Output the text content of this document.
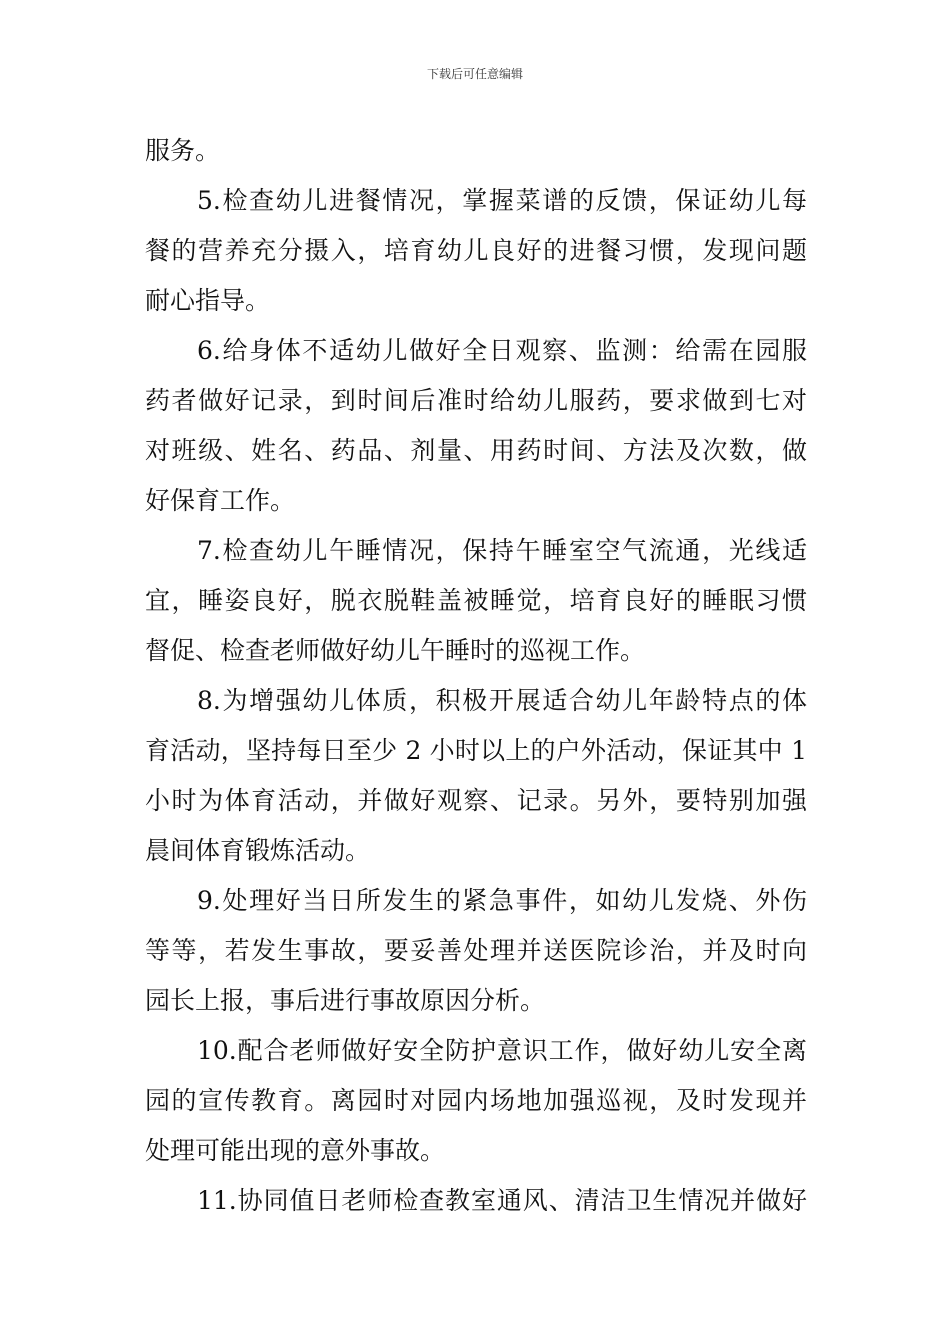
下载后可任意编辑
服务。
5.检查幼儿进餐情况，掌握菜谱的反馈，保证幼儿每
餐的营养充分摄入，培育幼儿良好的进餐习惯，发现问题
耐心指导。
6.给身体不适幼儿做好全日观察、监测：给需在园服
药者做好记录，到时间后准时给幼儿服药，要求做到七对
对班级、姓名、药品、剂量、用药时间、方法及次数，做
好保育工作。
7.检查幼儿午睡情况，保持午睡室空气流通，光线适
宜，睡姿良好，脱衣脱鞋盖被睡觉，培育良好的睡眠习惯
督促、检查老师做好幼儿午睡时的巡视工作。
8.为增强幼儿体质，积极开展适合幼儿年龄特点的体
育活动，坚持每日至少 2 小时以上的户外活动，保证其中 1
小时为体育活动，并做好观察、记录。另外，要特别加强
晨间体育锻炼活动。
9.处理好当日所发生的紧急事件，如幼儿发烧、外伤
等等，若发生事故，要妥善处理并送医院诊治，并及时向
园长上报，事后进行事故原因分析。
10.配合老师做好安全防护意识工作，做好幼儿安全离
园的宣传教育。离园时对园内场地加强巡视，及时发现并
处理可能出现的意外事故。
11.协同值日老师检查教室通风、清洁卫生情况并做好
